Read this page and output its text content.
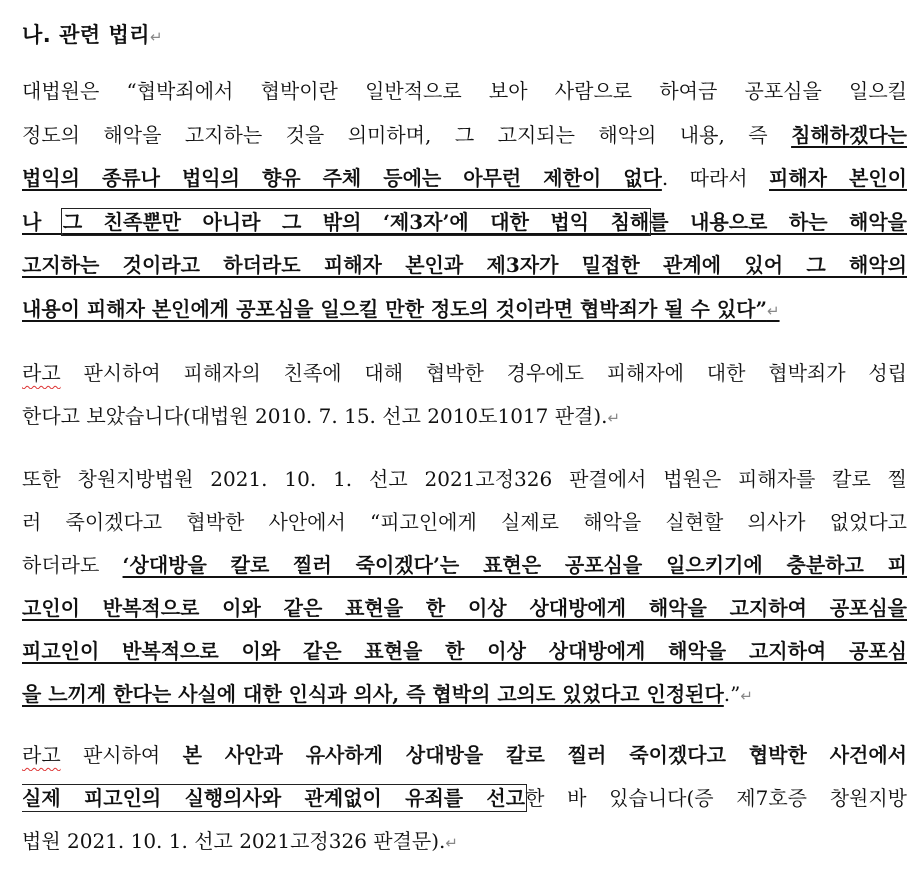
나. 관련 법리↵
대법원은 “협박죄에서 협박이란 일반적으로 보아 사람으로 하여금 공포심을 일으킬
정도의 해악을 고지하는 것을 의미하며, 그 고지되는 해악의 내용, 즉 침해하겠다는
법익의 종류나 법익의 향유 주체 등에는 아무런 제한이 없다. 따라서 피해자 본인이
나 그 친족뿐만 아니라 그 밖의 ‘제3자’에 대한 법익 침해를 내용으로 하는 해악을
고지하는 것이라고 하더라도 피해자 본인과 제3자가 밀접한 관계에 있어 그 해악의
내용이 피해자 본인에게 공포심을 일으킬 만한 정도의 것이라면 협박죄가 될 수 있다”↵
라고 판시하여 피해자의 친족에 대해 협박한 경우에도 피해자에 대한 협박죄가 성립
한다고 보았습니다(대법원 2010. 7. 15. 선고 2010도1017 판결).↵
또한 창원지방법원 2021. 10. 1. 선고 2021고정326 판결에서 법원은 피해자를 칼로 찔
러 죽이겠다고 협박한 사안에서 “피고인에게 실제로 해악을 실현할 의사가 없었다고
하더라도 ‘상대방을 칼로 찔러 죽이겠다’는 표현은 공포심을 일으키기에 충분하고 피
고인이 반복적으로 이와 같은 표현을 한 이상 상대방에게 해악을 고지하여 공포심을
피고인이 반복적으로 이와 같은 표현을 한 이상 상대방에게 해악을 고지하여 공포심
을 느끼게 한다는 사실에 대한 인식과 의사, 즉 협박의 고의도 있었다고 인정된다.”↵
라고 판시하여 본 사안과 유사하게 상대방을 칼로 찔러 죽이겠다고 협박한 사건에서
실제 피고인의 실행의사와 관계없이 유죄를 선고한 바 있습니다(증 제7호증 창원지방
법원 2021. 10. 1. 선고 2021고정326 판결문).↵
